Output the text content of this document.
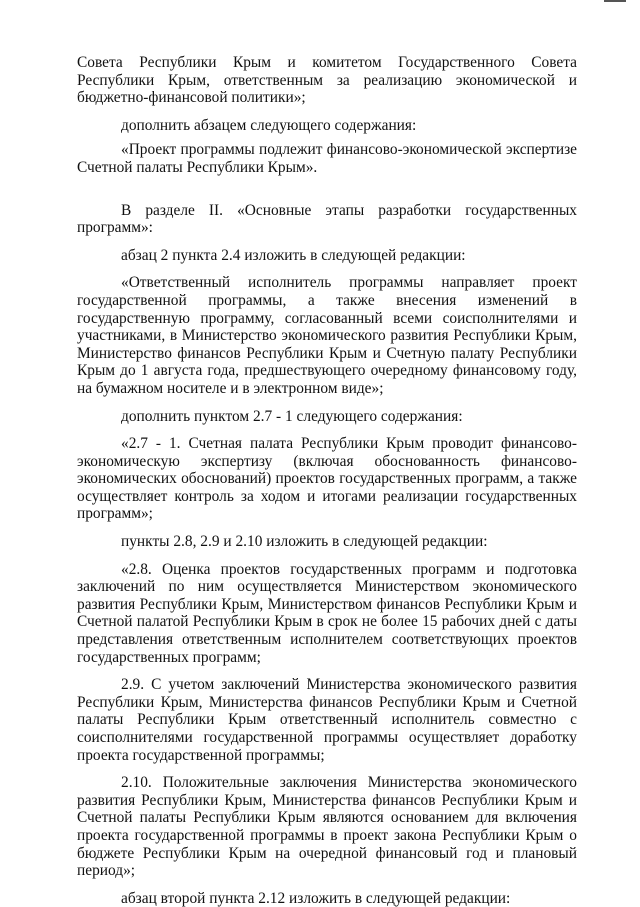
Совета Республики Крым и комитетом Государственного Совета Республики Крым, ответственным за реализацию экономической и бюджетно-финансовой политики»;

дополнить абзацем следующего содержания:

«Проект программы подлежит финансово-экономической экспертизе Счетной палаты Республики Крым».

В разделе II. «Основные этапы разработки государственных программ»:

абзац 2 пункта 2.4 изложить в следующей редакции:

«Ответственный исполнитель программы направляет проект государственной программы, а также внесения изменений в государственную программу, согласованный всеми соисполнителями и участниками, в Министерство экономического развития Республики Крым, Министерство финансов Республики Крым и Счетную палату Республики Крым до 1 августа года, предшествующего очередному финансовому году, на бумажном носителе и в электронном виде»;

дополнить пунктом 2.7 - 1 следующего содержания:

«2.7 - 1. Счетная палата Республики Крым проводит финансово-экономическую экспертизу (включая обоснованность финансово-экономических обоснований) проектов государственных программ, а также осуществляет контроль за ходом и итогами реализации государственных программ»;

пункты 2.8, 2.9 и 2.10 изложить в следующей редакции:

«2.8. Оценка проектов государственных программ и подготовка заключений по ним осуществляется Министерством экономического развития Республики Крым, Министерством финансов Республики Крым и Счетной палатой Республики Крым в срок не более 15 рабочих дней с даты представления ответственным исполнителем соответствующих проектов государственных программ;

2.9. С учетом заключений Министерства экономического развития Республики Крым, Министерства финансов Республики Крым и Счетной палаты Республики Крым ответственный исполнитель совместно с соисполнителями государственной программы осуществляет доработку проекта государственной программы;

2.10. Положительные заключения Министерства экономического развития Республики Крым, Министерства финансов Республики Крым и Счетной палаты Республики Крым являются основанием для включения проекта государственной программы в проект закона Республики Крым о бюджете Республики Крым на очередной финансовый год и плановый период»;

абзац второй пункта 2.12 изложить в следующей редакции:
